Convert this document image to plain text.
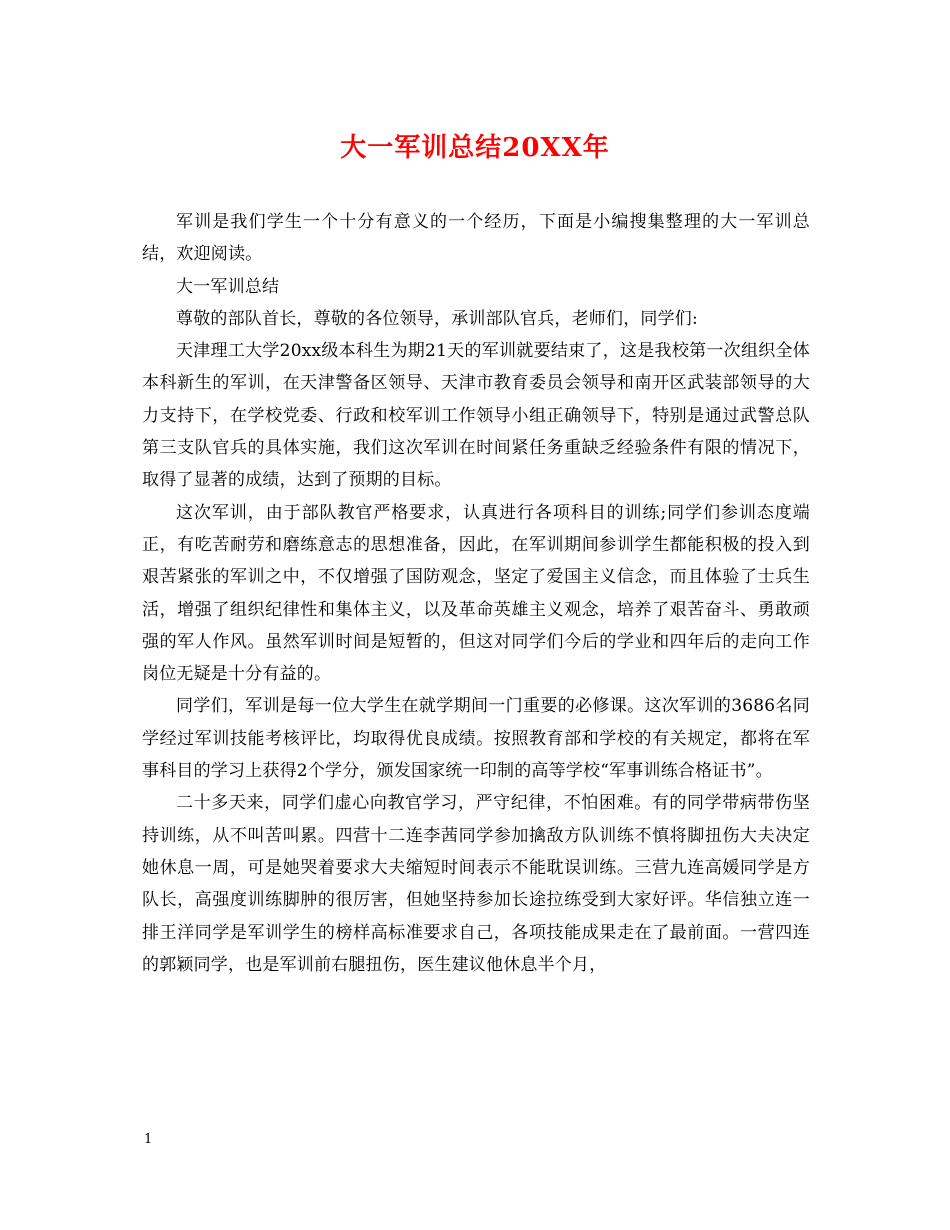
大一军训总结20XX年

军训是我们学生一个十分有意义的一个经历，下面是小编搜集整理的大一军训总结，欢迎阅读。

大一军训总结

尊敬的部队首长，尊敬的各位领导，承训部队官兵，老师们，同学们:

天津理工大学20xx级本科生为期21天的军训就要结束了，这是我校第一次组织全体本科新生的军训，在天津警备区领导、天津市教育委员会领导和南开区武装部领导的大力支持下，在学校党委、行政和校军训工作领导小组正确领导下，特别是通过武警总队第三支队官兵的具体实施，我们这次军训在时间紧任务重缺乏经验条件有限的情况下，取得了显著的成绩，达到了预期的目标。

这次军训，由于部队教官严格要求，认真进行各项科目的训练;同学们参训态度端正，有吃苦耐劳和磨练意志的思想准备，因此，在军训期间参训学生都能积极的投入到艰苦紧张的军训之中，不仅增强了国防观念，坚定了爱国主义信念，而且体验了士兵生活，增强了组织纪律性和集体主义，以及革命英雄主义观念，培养了艰苦奋斗、勇敢顽强的军人作风。虽然军训时间是短暂的，但这对同学们今后的学业和四年后的走向工作岗位无疑是十分有益的。

同学们，军训是每一位大学生在就学期间一门重要的必修课。这次军训的3686名同学经过军训技能考核评比，均取得优良成绩。按照教育部和学校的有关规定，都将在军事科目的学习上获得2个学分，颁发国家统一印制的高等学校“军事训练合格证书”。

二十多天来，同学们虚心向教官学习，严守纪律，不怕困难。有的同学带病带伤坚持训练，从不叫苦叫累。四营十二连李茜同学参加擒敌方队训练不慎将脚扭伤大夫决定她休息一周，可是她哭着要求大夫缩短时间表示不能耽误训练。三营九连高媛同学是方队长，高强度训练脚肿的很厉害，但她坚持参加长途拉练受到大家好评。华信独立连一排王洋同学是军训学生的榜样高标准要求自己，各项技能成果走在了最前面。一营四连的郭颖同学，也是军训前右腿扭伤，医生建议他休息半个月，

1
